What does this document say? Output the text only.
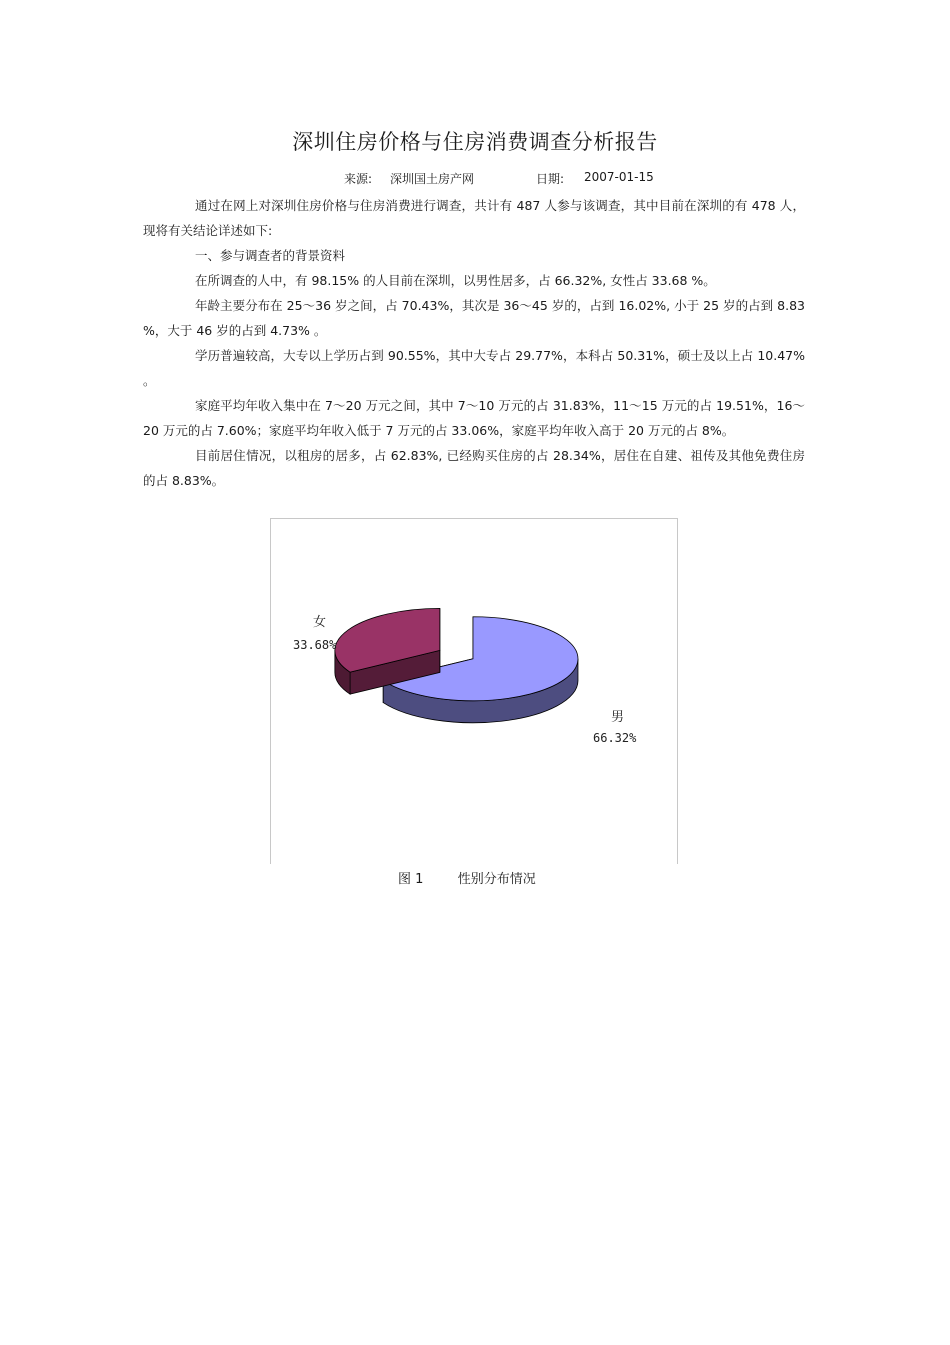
深圳住房价格与住房消费调查分析报告
来源: 深圳国土房产网	日期: 2007-01-15

通过在网上对深圳住房价格与住房消费进行调查，共计有 487 人参与该调查，其中目前在深圳的有 478 人，现将有关结论详述如下:

一、参与调查者的背景资料

在所调查的人中，有 98.15% 的人目前在深圳，以男性居多，占 66.32%, 女性占 33.68 %。

年龄主要分布在 25～36 岁之间，占 70.43%，其次是 36～45 岁的，占到 16.02%, 小于 25 岁的占到 8.83 %，大于 46 岁的占到 4.73% 。

学历普遍较高，大专以上学历占到 90.55%，其中大专占 29.77%，本科占 50.31%，硕士及以上占 10.47% 。

家庭平均年收入集中在 7～20 万元之间，其中 7～10 万元的占 31.83%，11～15 万元的占 19.51%，16～20 万元的占 7.60%；家庭平均年收入低于 7 万元的占 33.06%，家庭平均年收入高于 20 万元的占 8%。

目前居住情况，以租房的居多，占 62.83%, 已经购买住房的占 28.34%，居住在自建、祖传及其他免费住房的占 8.83%。

男
66.32%
女
33.68%
图 1	性别分布情况
